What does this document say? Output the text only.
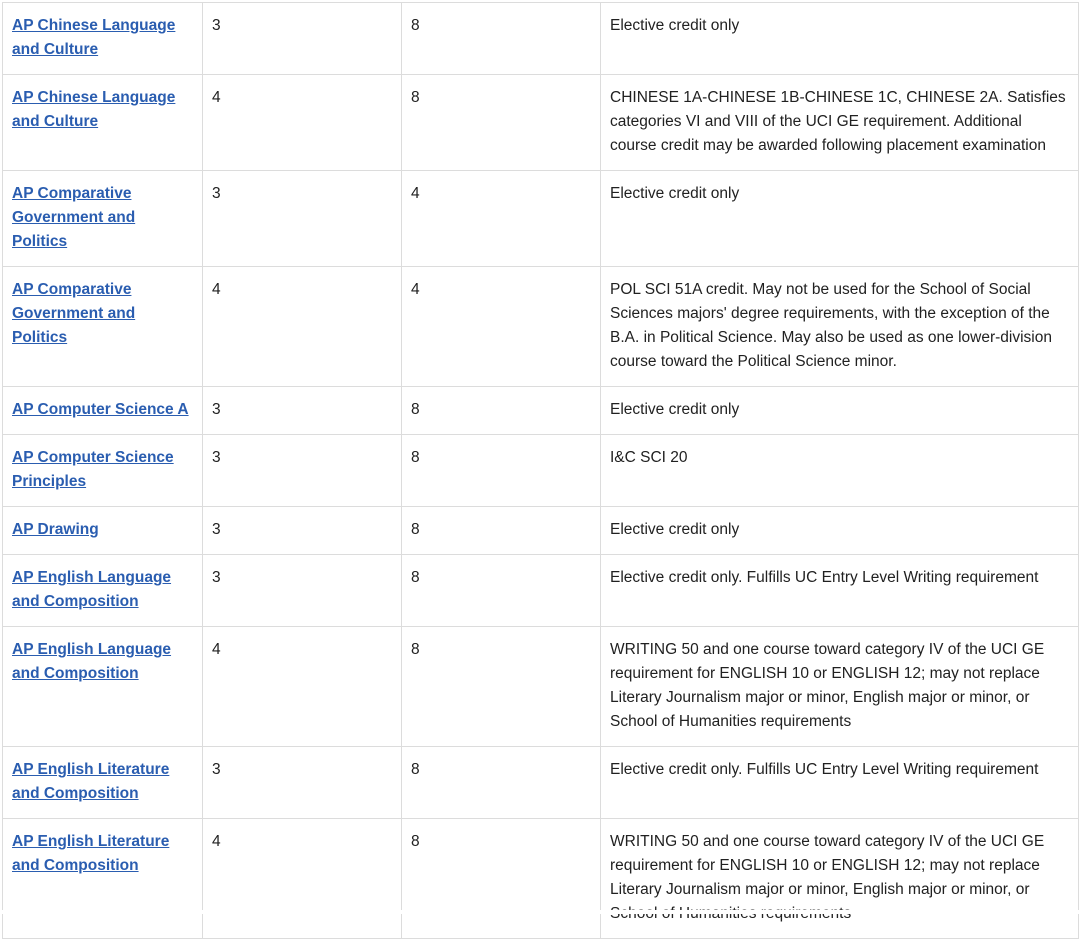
AP Chinese Language and Culture	3	8	Elective credit only
AP Chinese Language and Culture	4	8	CHINESE 1A-CHINESE 1B-CHINESE 1C, CHINESE 2A. Satisfies categories VI and VIII of the UCI GE requirement. Additional course credit may be awarded following placement examination
AP Comparative Government and Politics	3	4	Elective credit only
AP Comparative Government and Politics	4	4	POL SCI 51A credit. May not be used for the School of Social Sciences majors' degree requirements, with the exception of the B.A. in Political Science. May also be used as one lower-division course toward the Political Science minor.
AP Computer Science A	3	8	Elective credit only
AP Computer Science Principles	3	8	I&C SCI 20
AP Drawing	3	8	Elective credit only
AP English Language and Composition	3	8	Elective credit only. Fulfills UC Entry Level Writing requirement
AP English Language and Composition	4	8	WRITING 50 and one course toward category IV of the UCI GE requirement for ENGLISH 10 or ENGLISH 12; may not replace Literary Journalism major or minor, English major or minor, or School of Humanities requirements
AP English Literature and Composition	3	8	Elective credit only. Fulfills UC Entry Level Writing requirement
AP English Literature and Composition	4	8	WRITING 50 and one course toward category IV of the UCI GE requirement for ENGLISH 10 or ENGLISH 12; may not replace Literary Journalism major or minor, English major or minor, or
